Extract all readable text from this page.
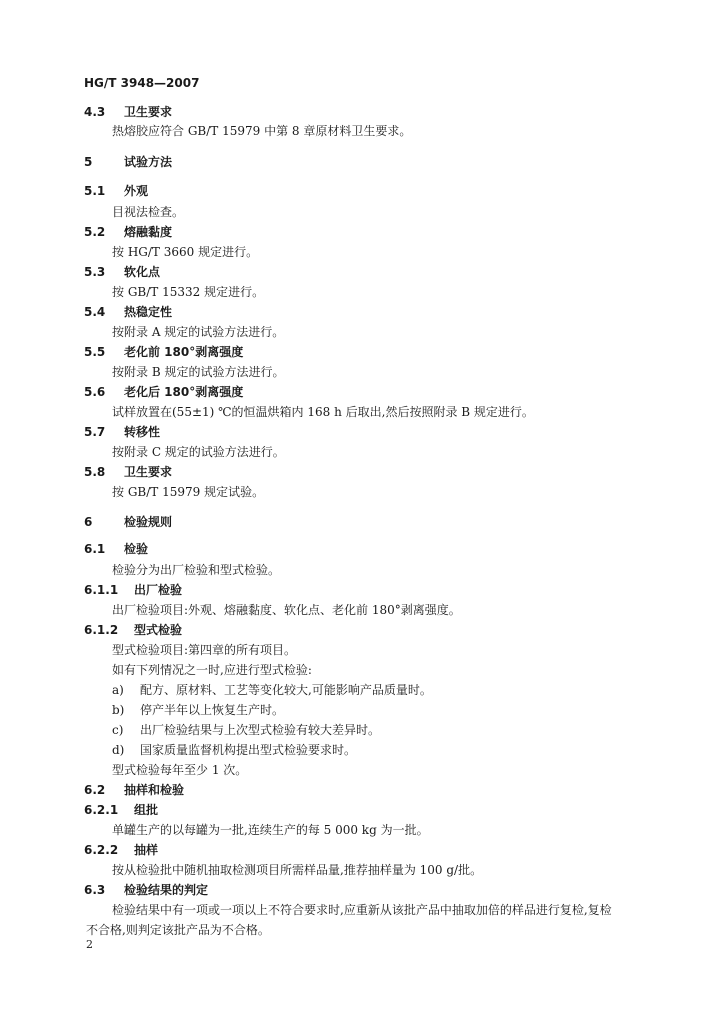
HG/T 3948—2007
4.3 卫生要求
热熔胶应符合 GB/T 15979 中第 8 章原材料卫生要求。
5	试验方法
5.1 外观
目视法检查。
5.2 熔融黏度
按 HG/T 3660 规定进行。
5.3 软化点
按 GB/T 15332 规定进行。
5.4 热稳定性
按附录 A 规定的试验方法进行。
5.5 老化前 180°剥离强度
按附录 B 规定的试验方法进行。
5.6 老化后 180°剥离强度
试样放置在(55±1) ℃的恒温烘箱内 168 h 后取出,然后按照附录 B 规定进行。
5.7 转移性
按附录 C 规定的试验方法进行。
5.8 卫生要求
按 GB/T 15979 规定试验。
6	检验规则
6.1 检验
检验分为出厂检验和型式检验。
6.1.1 出厂检验
出厂检验项目:外观、熔融黏度、软化点、老化前 180°剥离强度。
6.1.2 型式检验
型式检验项目:第四章的所有项目。
如有下列情况之一时,应进行型式检验:
a) 配方、原材料、工艺等变化较大,可能影响产品质量时。
b) 停产半年以上恢复生产时。
c) 出厂检验结果与上次型式检验有较大差异时。
d) 国家质量监督机构提出型式检验要求时。
型式检验每年至少 1 次。
6.2 抽样和检验
6.2.1 组批
单罐生产的以每罐为一批,连续生产的每 5 000 kg 为一批。
6.2.2 抽样
按从检验批中随机抽取检测项目所需样品量,推荐抽样量为 100 g/批。
6.3 检验结果的判定
检验结果中有一项或一项以上不符合要求时,应重新从该批产品中抽取加倍的样品进行复检,复检
不合格,则判定该批产品为不合格。
2
